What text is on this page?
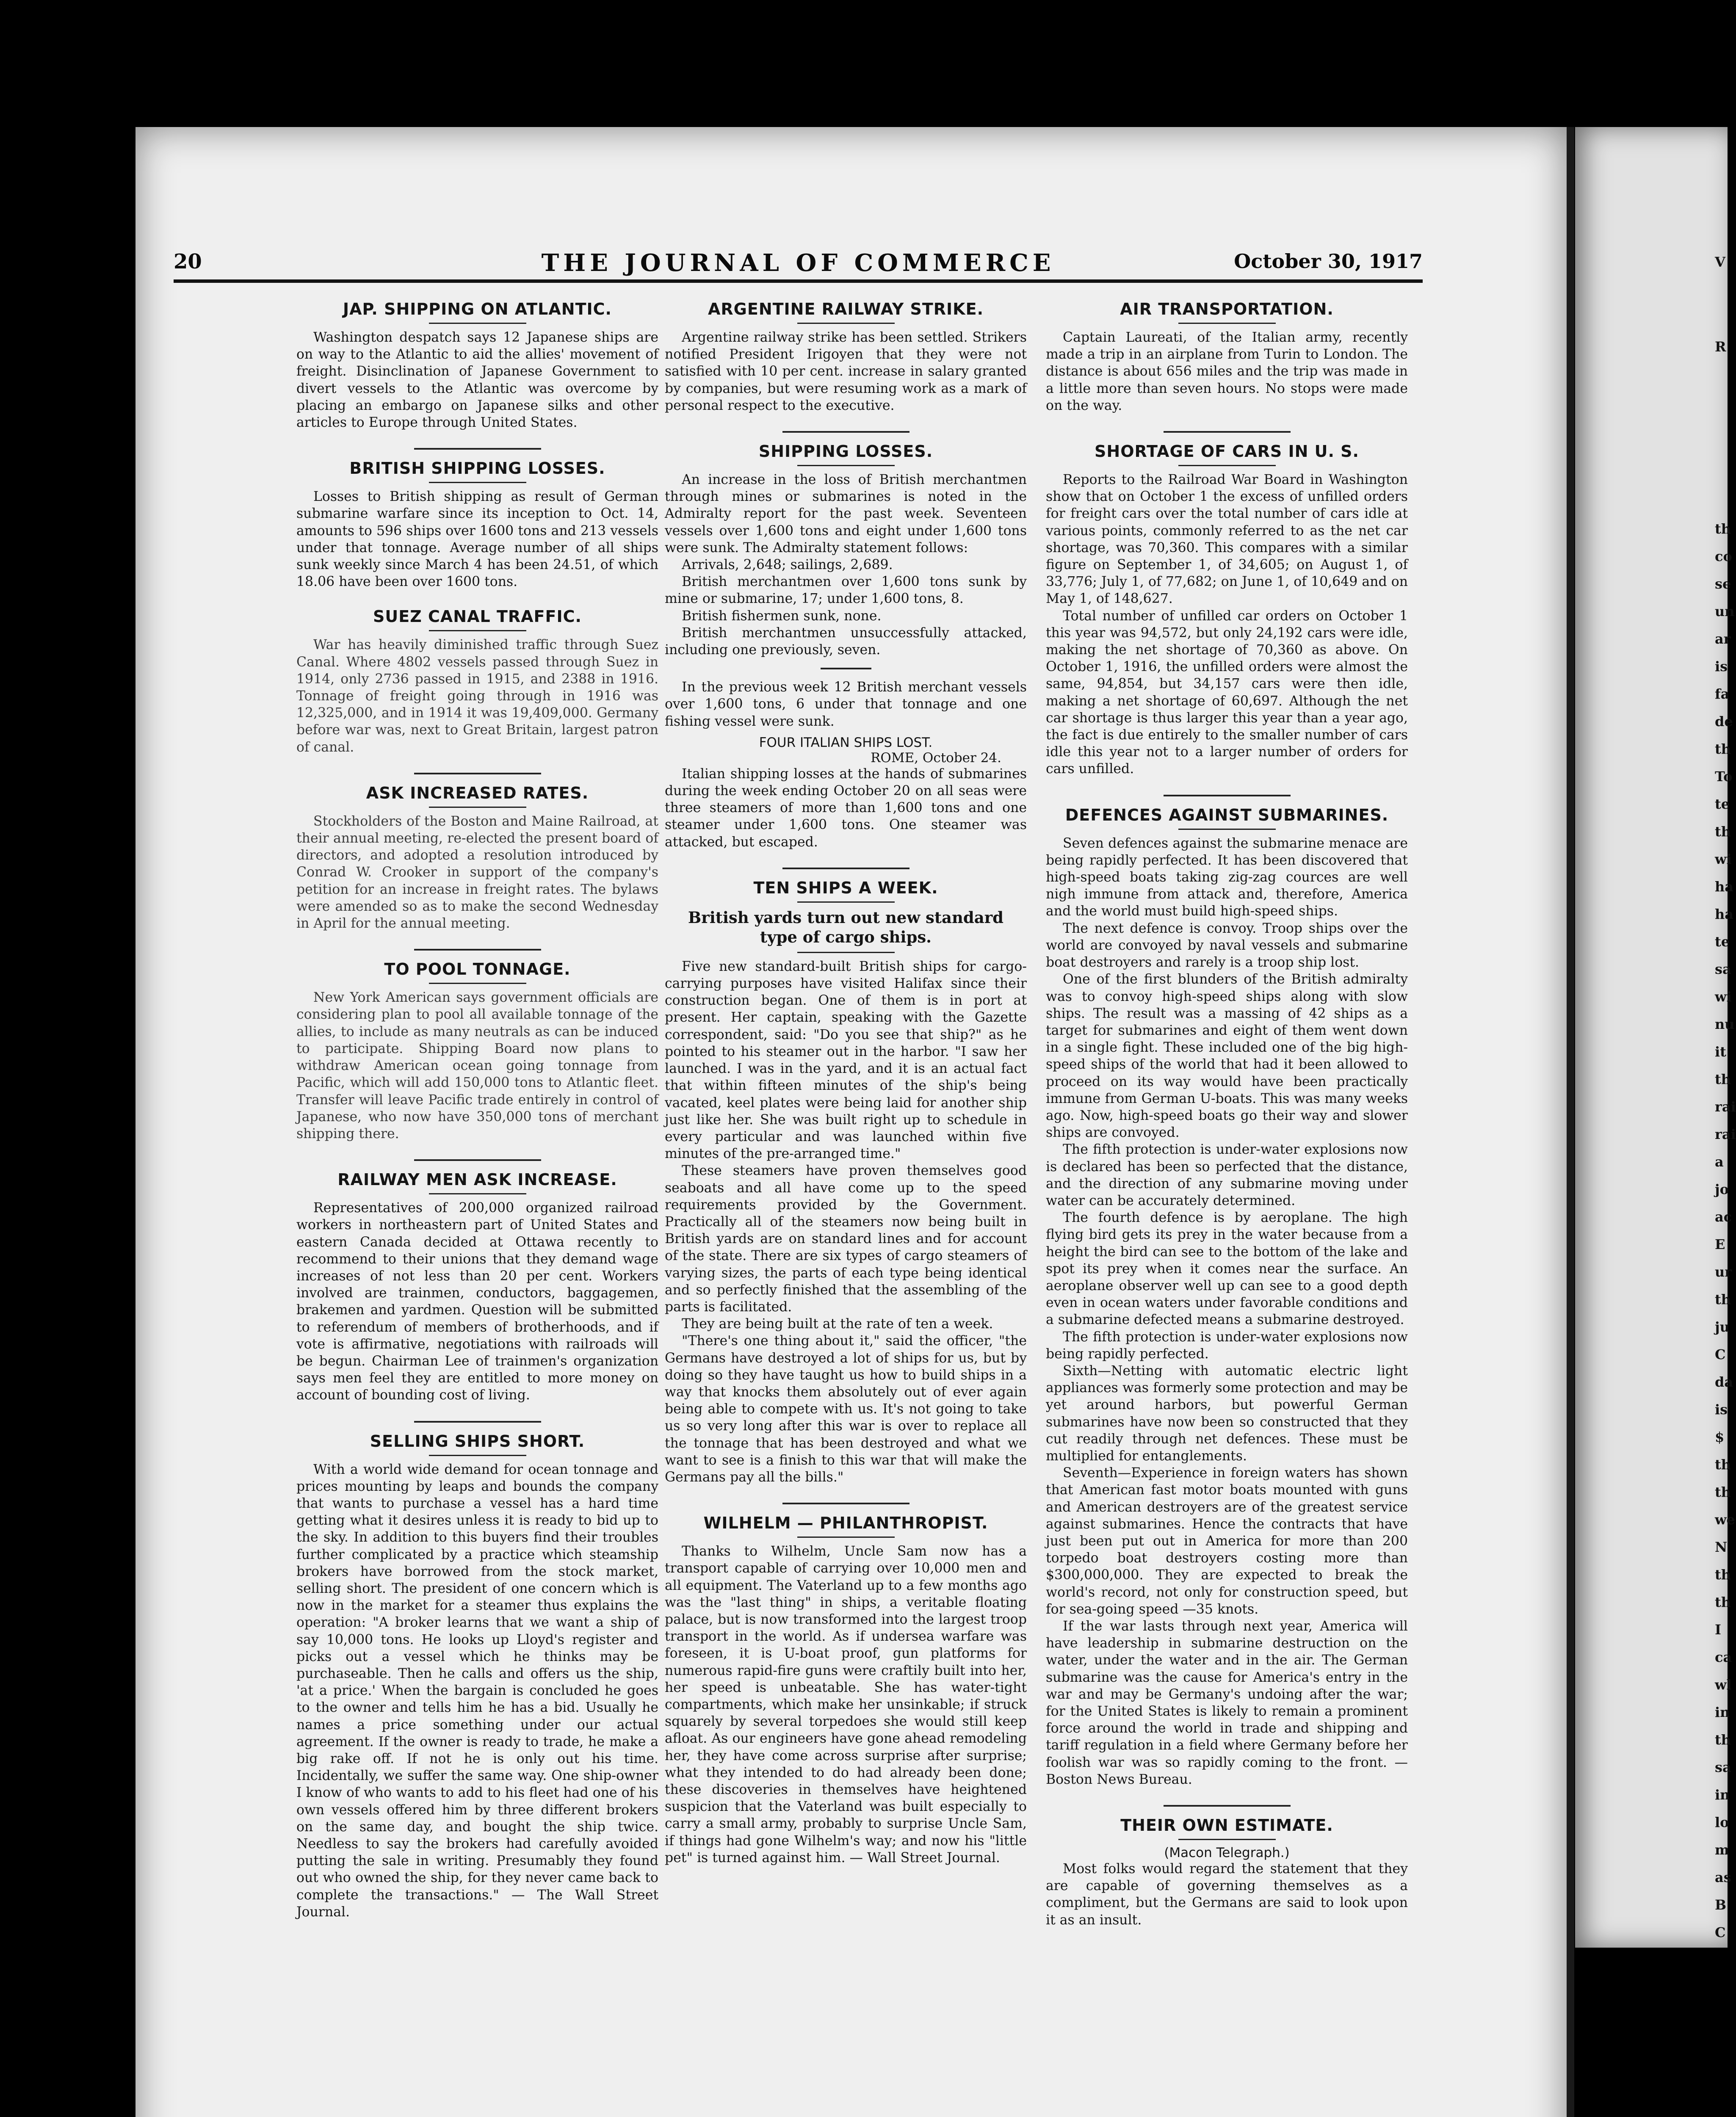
V
R
th
co
se
un
ar
is
fa
de
th
To
te
th
wi
ha
ha
te
sa
wi
nu
it
th
rai
rai
a
jo
ac
E
ur
th
ju
C
da
is
$
th
th
we
N
th
th
I
ca
wl
in
th
sa
in
lo
m
as
B
C
20	THE JOURNAL OF COMMERCE	October 30, 1917
JAP. SHIPPING ON ATLANTIC.

Washington despatch says 12 Japanese ships are on way to the Atlantic to aid the allies' movement of freight. Disinclination of Japanese Government to divert vessels to the Atlantic was overcome by placing an embargo on Japanese silks and other articles to Europe through United States.

BRITISH SHIPPING LOSSES.

Losses to British shipping as result of German submarine warfare since its inception to Oct. 14, amounts to 596 ships over 1600 tons and 213 vessels under that tonnage. Average number of all ships sunk weekly since March 4 has been 24.51, of which 18.06 have been over 1600 tons.

SUEZ CANAL TRAFFIC.

War has heavily diminished traffic through Suez Canal. Where 4802 vessels passed through Suez in 1914, only 2736 passed in 1915, and 2388 in 1916. Tonnage of freight going through in 1916 was 12,325,000, and in 1914 it was 19,409,000. Germany before war was, next to Great Britain, largest patron of canal.

ASK INCREASED RATES.

Stockholders of the Boston and Maine Railroad, at their annual meeting, re-elected the present board of directors, and adopted a resolution introduced by Conrad W. Crooker in support of the company's petition for an increase in freight rates. The bylaws were amended so as to make the second Wednesday in April for the annual meeting.

TO POOL TONNAGE.

New York American says government officials are considering plan to pool all available tonnage of the allies, to include as many neutrals as can be induced to participate. Shipping Board now plans to withdraw American ocean going tonnage from Pacific, which will add 150,000 tons to Atlantic fleet. Transfer will leave Pacific trade entirely in control of Japanese, who now have 350,000 tons of merchant shipping there.

RAILWAY MEN ASK INCREASE.

Representatives of 200,000 organized railroad workers in northeastern part of United States and eastern Canada decided at Ottawa recently to recommend to their unions that they demand wage increases of not less than 20 per cent. Workers involved are trainmen, conductors, baggagemen, brakemen and yardmen. Question will be submitted to referendum of members of brotherhoods, and if vote is affirmative, negotiations with railroads will be begun. Chairman Lee of trainmen's organization says men feel they are entitled to more money on account of bounding cost of living.

SELLING SHIPS SHORT.

With a world wide demand for ocean tonnage and prices mounting by leaps and bounds the company that wants to purchase a vessel has a hard time getting what it desires unless it is ready to bid up to the sky. In addition to this buyers find their troubles further complicated by a practice which steamship brokers have borrowed from the stock market, selling short. The president of one concern which is now in the market for a steamer thus explains the operation: "A broker learns that we want a ship of say 10,000 tons. He looks up Lloyd's register and picks out a vessel which he thinks may be purchaseable. Then he calls and offers us the ship, 'at a price.' When the bargain is concluded he goes to the owner and tells him he has a bid. Usually he names a price something under our actual agreement. If the owner is ready to trade, he make a big rake off. If not he is only out his time. Incidentally, we suffer the same way. One ship-owner I know of who wants to add to his fleet had one of his own vessels offered him by three different brokers on the same day, and bought the ship twice. Needless to say the brokers had carefully avoided putting the sale in writing. Presumably they found out who owned the ship, for they never came back to complete the transactions." — The Wall Street Journal.

ARGENTINE RAILWAY STRIKE.

Argentine railway strike has been settled. Strikers notified President Irigoyen that they were not satisfied with 10 per cent. increase in salary granted by companies, but were resuming work as a mark of personal respect to the executive.

SHIPPING LOSSES.

An increase in the loss of British merchantmen through mines or submarines is noted in the Admiralty report for the past week. Seventeen vessels over 1,600 tons and eight under 1,600 tons were sunk. The Admiralty statement follows:

Arrivals, 2,648; sailings, 2,689.

British merchantmen over 1,600 tons sunk by mine or submarine, 17; under 1,600 tons, 8.

British fishermen sunk, none.

British merchantmen unsuccessfully attacked, including one previously, seven.

In the previous week 12 British merchant vessels over 1,600 tons, 6 under that tonnage and one fishing vessel were sunk.

FOUR ITALIAN SHIPS LOST.
ROME, October 24.

Italian shipping losses at the hands of submarines during the week ending October 20 on all seas were three steamers of more than 1,600 tons and one steamer under 1,600 tons. One steamer was attacked, but escaped.

TEN SHIPS A WEEK.
British yards turn out new standard type of cargo ships.

Five new standard-built British ships for cargo-carrying purposes have visited Halifax since their construction began. One of them is in port at present. Her captain, speaking with the Gazette correspondent, said: "Do you see that ship?" as he pointed to his steamer out in the harbor. "I saw her launched. I was in the yard, and it is an actual fact that within fifteen minutes of the ship's being vacated, keel plates were being laid for another ship just like her. She was built right up to schedule in every particular and was launched within five minutes of the pre-arranged time."

These steamers have proven themselves good seaboats and all have come up to the speed requirements provided by the Government. Practically all of the steamers now being built in British yards are on standard lines and for account of the state. There are six types of cargo steamers of varying sizes, the parts of each type being identical and so perfectly finished that the assembling of the parts is facilitated.

They are being built at the rate of ten a week.

"There's one thing about it," said the officer, "the Germans have destroyed a lot of ships for us, but by doing so they have taught us how to build ships in a way that knocks them absolutely out of ever again being able to compete with us. It's not going to take us so very long after this war is over to replace all the tonnage that has been destroyed and what we want to see is a finish to this war that will make the Germans pay all the bills."

WILHELM — PHILANTHROPIST.

Thanks to Wilhelm, Uncle Sam now has a transport capable of carrying over 10,000 men and all equipment. The Vaterland up to a few months ago was the "last thing" in ships, a veritable floating palace, but is now transformed into the largest troop transport in the world. As if undersea warfare was foreseen, it is U-boat proof, gun platforms for numerous rapid-fire guns were craftily built into her, her speed is unbeatable. She has water-tight compartments, which make her unsinkable; if struck squarely by several torpedoes she would still keep afloat. As our engineers have gone ahead remodeling her, they have come across surprise after surprise; what they intended to do had already been done; these discoveries in themselves have heightened suspicion that the Vaterland was built especially to carry a small army, probably to surprise Uncle Sam, if things had gone Wilhelm's way; and now his "little pet" is turned against him. — Wall Street Journal.

AIR TRANSPORTATION.

Captain Laureati, of the Italian army, recently made a trip in an airplane from Turin to London. The distance is about 656 miles and the trip was made in a little more than seven hours. No stops were made on the way.

SHORTAGE OF CARS IN U. S.

Reports to the Railroad War Board in Washington show that on October 1 the excess of unfilled orders for freight cars over the total number of cars idle at various points, commonly referred to as the net car shortage, was 70,360. This compares with a similar figure on September 1, of 34,605; on August 1, of 33,776; July 1, of 77,682; on June 1, of 10,649 and on May 1, of 148,627.

Total number of unfilled car orders on October 1 this year was 94,572, but only 24,192 cars were idle, making the net shortage of 70,360 as above. On October 1, 1916, the unfilled orders were almost the same, 94,854, but 34,157 cars were then idle, making a net shortage of 60,697. Although the net car shortage is thus larger this year than a year ago, the fact is due entirely to the smaller number of cars idle this year not to a larger number of orders for cars unfilled.

DEFENCES AGAINST SUBMARINES.

Seven defences against the submarine menace are being rapidly perfected. It has been discovered that high-speed boats taking zig-zag cources are well nigh immune from attack and, therefore, America and the world must build high-speed ships.

The next defence is convoy. Troop ships over the world are convoyed by naval vessels and submarine boat destroyers and rarely is a troop ship lost.

One of the first blunders of the British admiralty was to convoy high-speed ships along with slow ships. The result was a massing of 42 ships as a target for submarines and eight of them went down in a single fight. These included one of the big high-speed ships of the world that had it been allowed to proceed on its way would have been practically immune from German U-boats. This was many weeks ago. Now, high-speed boats go their way and slower ships are convoyed.

The fifth protection is under-water explosions now is declared has been so perfected that the distance, and the direction of any submarine moving under water can be accurately determined.

The fourth defence is by aeroplane. The high flying bird gets its prey in the water because from a height the bird can see to the bottom of the lake and spot its prey when it comes near the surface. An aeroplane observer well up can see to a good depth even in ocean waters under favorable conditions and a submarine defected means a submarine destroyed.

The fifth protection is under-water explosions now being rapidly perfected.

Sixth—Netting with automatic electric light appliances was formerly some protection and may be yet around harbors, but powerful German submarines have now been so constructed that they cut readily through net defences. These must be multiplied for entanglements.

Seventh—Experience in foreign waters has shown that American fast motor boats mounted with guns and American destroyers are of the greatest service against submarines. Hence the contracts that have just been put out in America for more than 200 torpedo boat destroyers costing more than $300,000,000. They are expected to break the world's record, not only for construction speed, but for sea-going speed —35 knots.

If the war lasts through next year, America will have leadership in submarine destruction on the water, under the water and in the air. The German submarine was the cause for America's entry in the war and may be Germany's undoing after the war; for the United States is likely to remain a prominent force around the world in trade and shipping and tariff regulation in a field where Germany before her foolish war was so rapidly coming to the front. —Boston News Bureau.

THEIR OWN ESTIMATE.
(Macon Telegraph.)

Most folks would regard the statement that they are capable of governing themselves as a compliment, but the Germans are said to look upon it as an insult.
